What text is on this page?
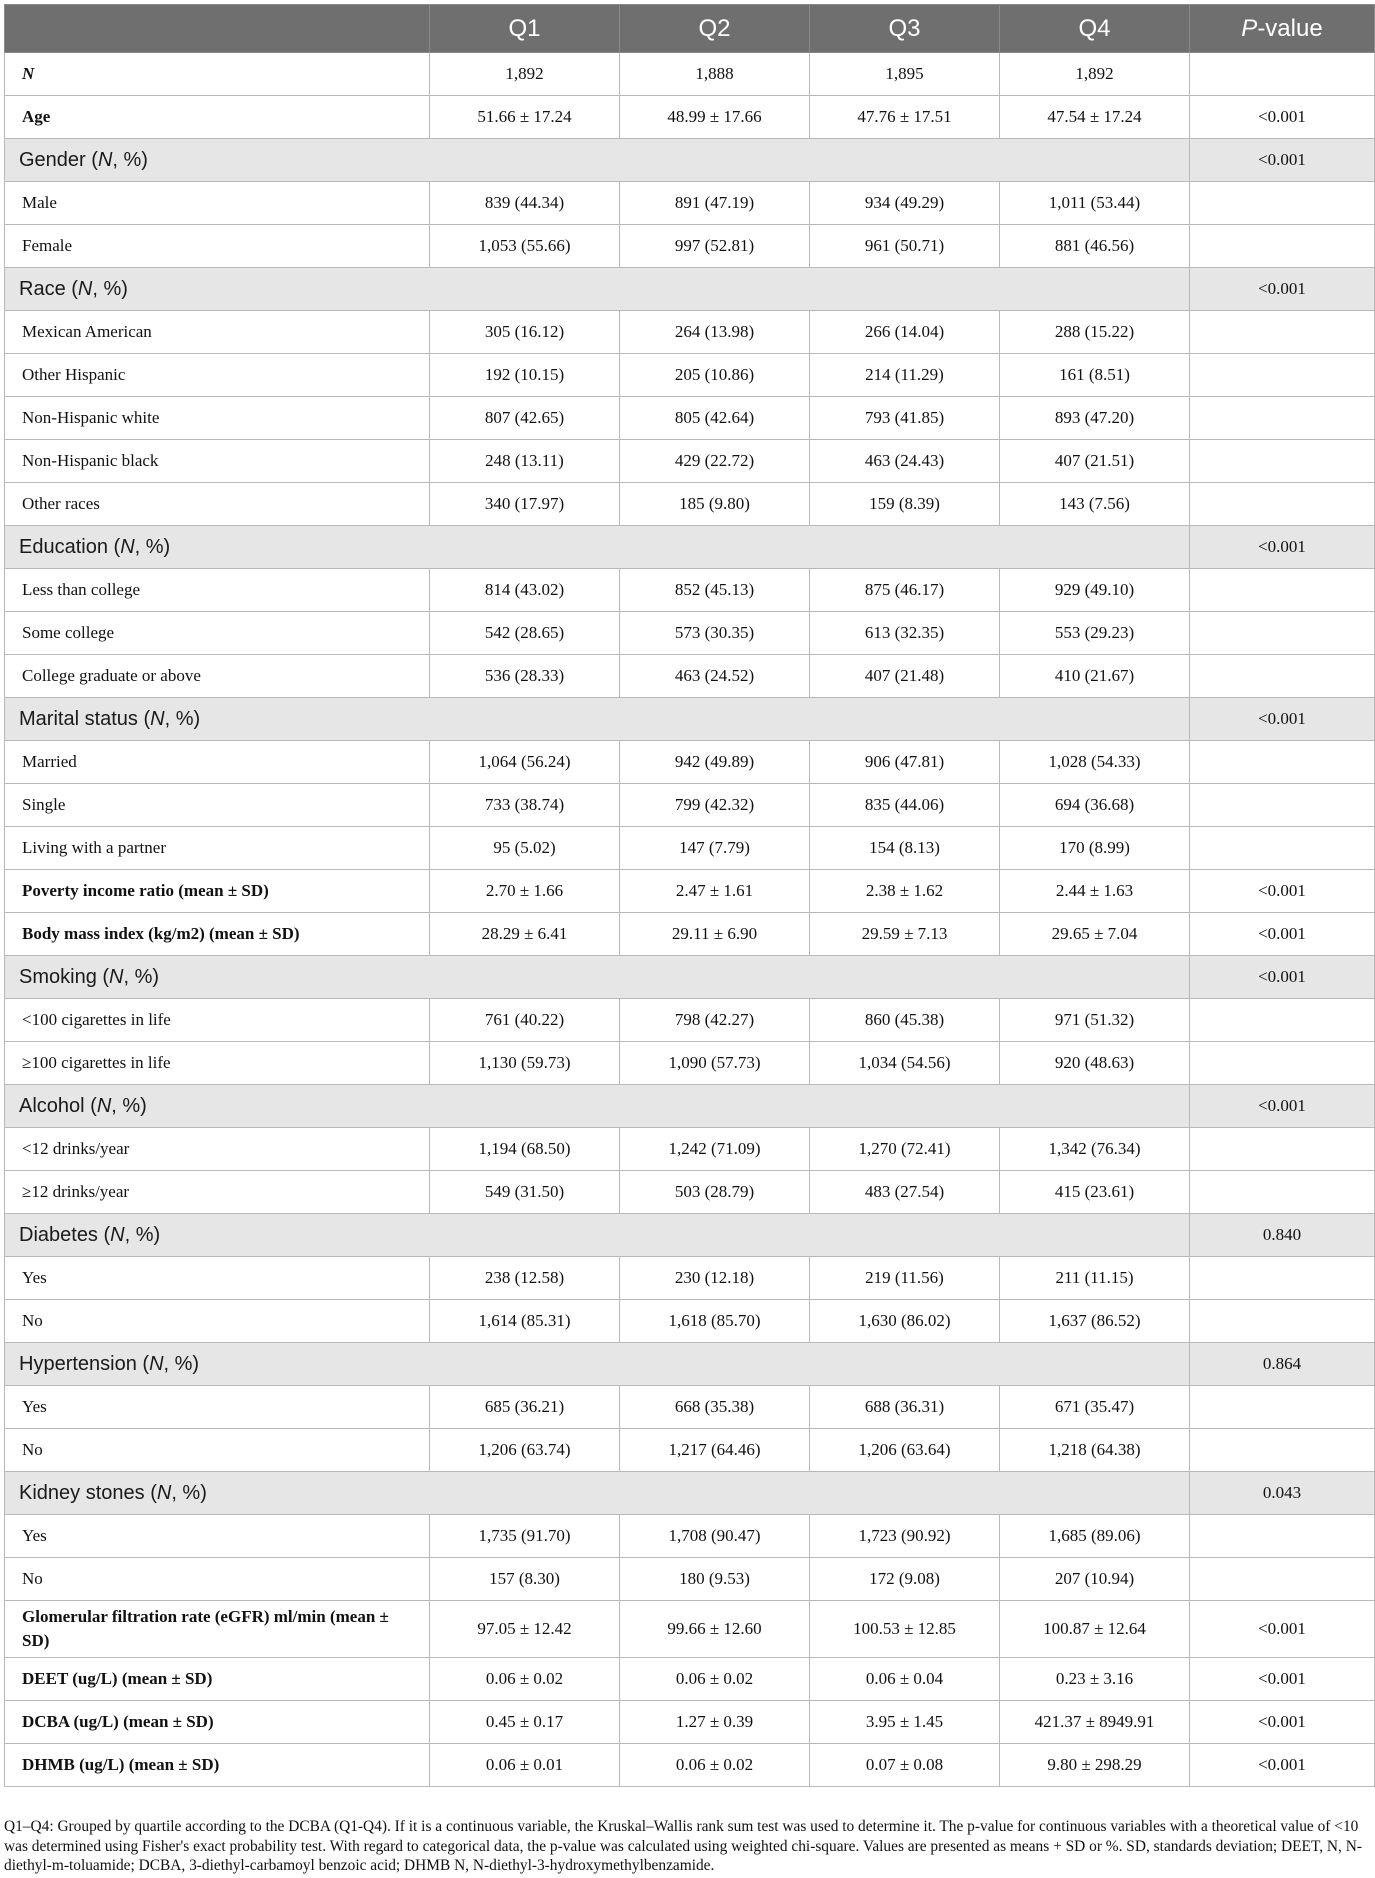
	Q1	Q2	Q3	Q4	P-value
N	1,892	1,888	1,895	1,892	
Age	51.66 ± 17.24	48.99 ± 17.66	47.76 ± 17.51	47.54 ± 17.24	<0.001
Gender (N, %)					<0.001
Male	839 (44.34)	891 (47.19)	934 (49.29)	1,011 (53.44)	
Female	1,053 (55.66)	997 (52.81)	961 (50.71)	881 (46.56)	
Race (N, %)					<0.001
Mexican American	305 (16.12)	264 (13.98)	266 (14.04)	288 (15.22)	
Other Hispanic	192 (10.15)	205 (10.86)	214 (11.29)	161 (8.51)	
Non-Hispanic white	807 (42.65)	805 (42.64)	793 (41.85)	893 (47.20)	
Non-Hispanic black	248 (13.11)	429 (22.72)	463 (24.43)	407 (21.51)	
Other races	340 (17.97)	185 (9.80)	159 (8.39)	143 (7.56)	
Education (N, %)					<0.001
Less than college	814 (43.02)	852 (45.13)	875 (46.17)	929 (49.10)	
Some college	542 (28.65)	573 (30.35)	613 (32.35)	553 (29.23)	
College graduate or above	536 (28.33)	463 (24.52)	407 (21.48)	410 (21.67)	
Marital status (N, %)					<0.001
Married	1,064 (56.24)	942 (49.89)	906 (47.81)	1,028 (54.33)	
Single	733 (38.74)	799 (42.32)	835 (44.06)	694 (36.68)	
Living with a partner	95 (5.02)	147 (7.79)	154 (8.13)	170 (8.99)	
Poverty income ratio (mean ± SD)	2.70 ± 1.66	2.47 ± 1.61	2.38 ± 1.62	2.44 ± 1.63	<0.001
Body mass index (kg/m2) (mean ± SD)	28.29 ± 6.41	29.11 ± 6.90	29.59 ± 7.13	29.65 ± 7.04	<0.001
Smoking (N, %)					<0.001
<100 cigarettes in life	761 (40.22)	798 (42.27)	860 (45.38)	971 (51.32)	
≥100 cigarettes in life	1,130 (59.73)	1,090 (57.73)	1,034 (54.56)	920 (48.63)	
Alcohol (N, %)					<0.001
<12 drinks/year	1,194 (68.50)	1,242 (71.09)	1,270 (72.41)	1,342 (76.34)	
≥12 drinks/year	549 (31.50)	503 (28.79)	483 (27.54)	415 (23.61)	
Diabetes (N, %)					0.840
Yes	238 (12.58)	230 (12.18)	219 (11.56)	211 (11.15)	
No	1,614 (85.31)	1,618 (85.70)	1,630 (86.02)	1,637 (86.52)	
Hypertension (N, %)					0.864
Yes	685 (36.21)	668 (35.38)	688 (36.31)	671 (35.47)	
No	1,206 (63.74)	1,217 (64.46)	1,206 (63.64)	1,218 (64.38)	
Kidney stones (N, %)					0.043
Yes	1,735 (91.70)	1,708 (90.47)	1,723 (90.92)	1,685 (89.06)	
No	157 (8.30)	180 (9.53)	172 (9.08)	207 (10.94)	
Glomerular filtration rate (eGFR) ml/min (mean ± SD)	97.05 ± 12.42	99.66 ± 12.60	100.53 ± 12.85	100.87 ± 12.64	<0.001
DEET (ug/L) (mean ± SD)	0.06 ± 0.02	0.06 ± 0.02	0.06 ± 0.04	0.23 ± 3.16	<0.001
DCBA (ug/L) (mean ± SD)	0.45 ± 0.17	1.27 ± 0.39	3.95 ± 1.45	421.37 ± 8949.91	<0.001
DHMB (ug/L) (mean ± SD)	0.06 ± 0.01	0.06 ± 0.02	0.07 ± 0.08	9.80 ± 298.29	<0.001
Q1–Q4: Grouped by quartile according to the DCBA (Q1-Q4). If it is a continuous variable, the Kruskal–Wallis rank sum test was used to determine it. The p-value for continuous variables with a theoretical value of <10 was determined using Fisher's exact probability test. With regard to categorical data, the p-value was calculated using weighted chi-square. Values are presented as means + SD or %. SD, standards deviation; DEET, N, N-diethyl-m-toluamide; DCBA, 3-diethyl-carbamoyl benzoic acid; DHMB N, N-diethyl-3-hydroxymethylbenzamide.
